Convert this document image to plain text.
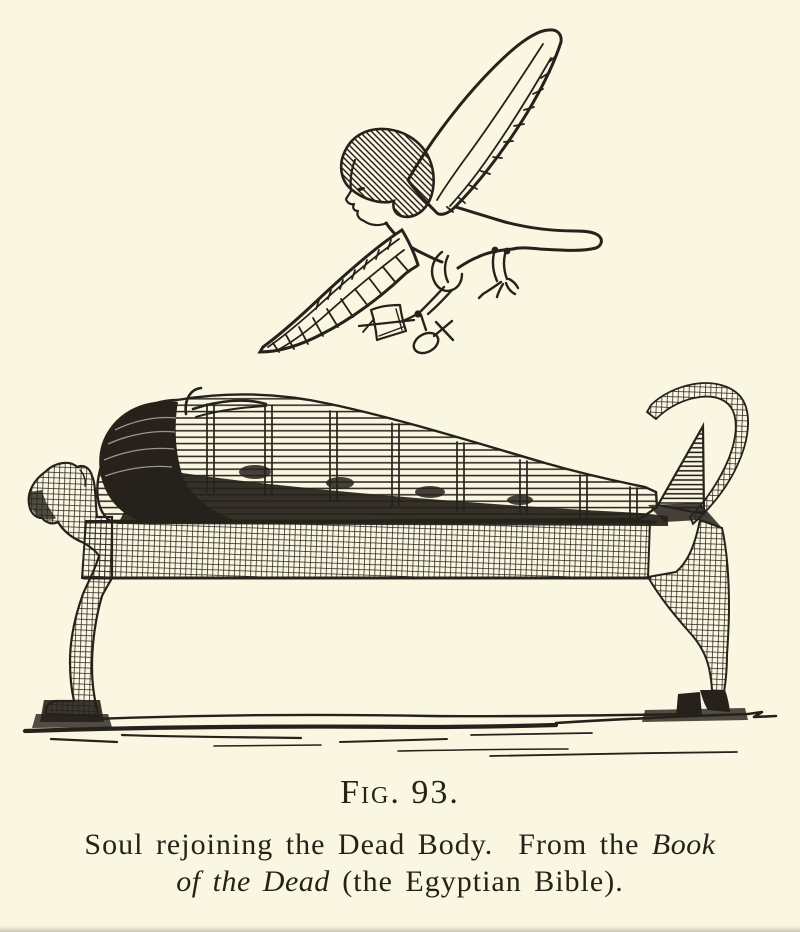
Fig. 93.

Soul rejoining the Dead Body.  From the Book
of the Dead (the Egyptian Bible).
